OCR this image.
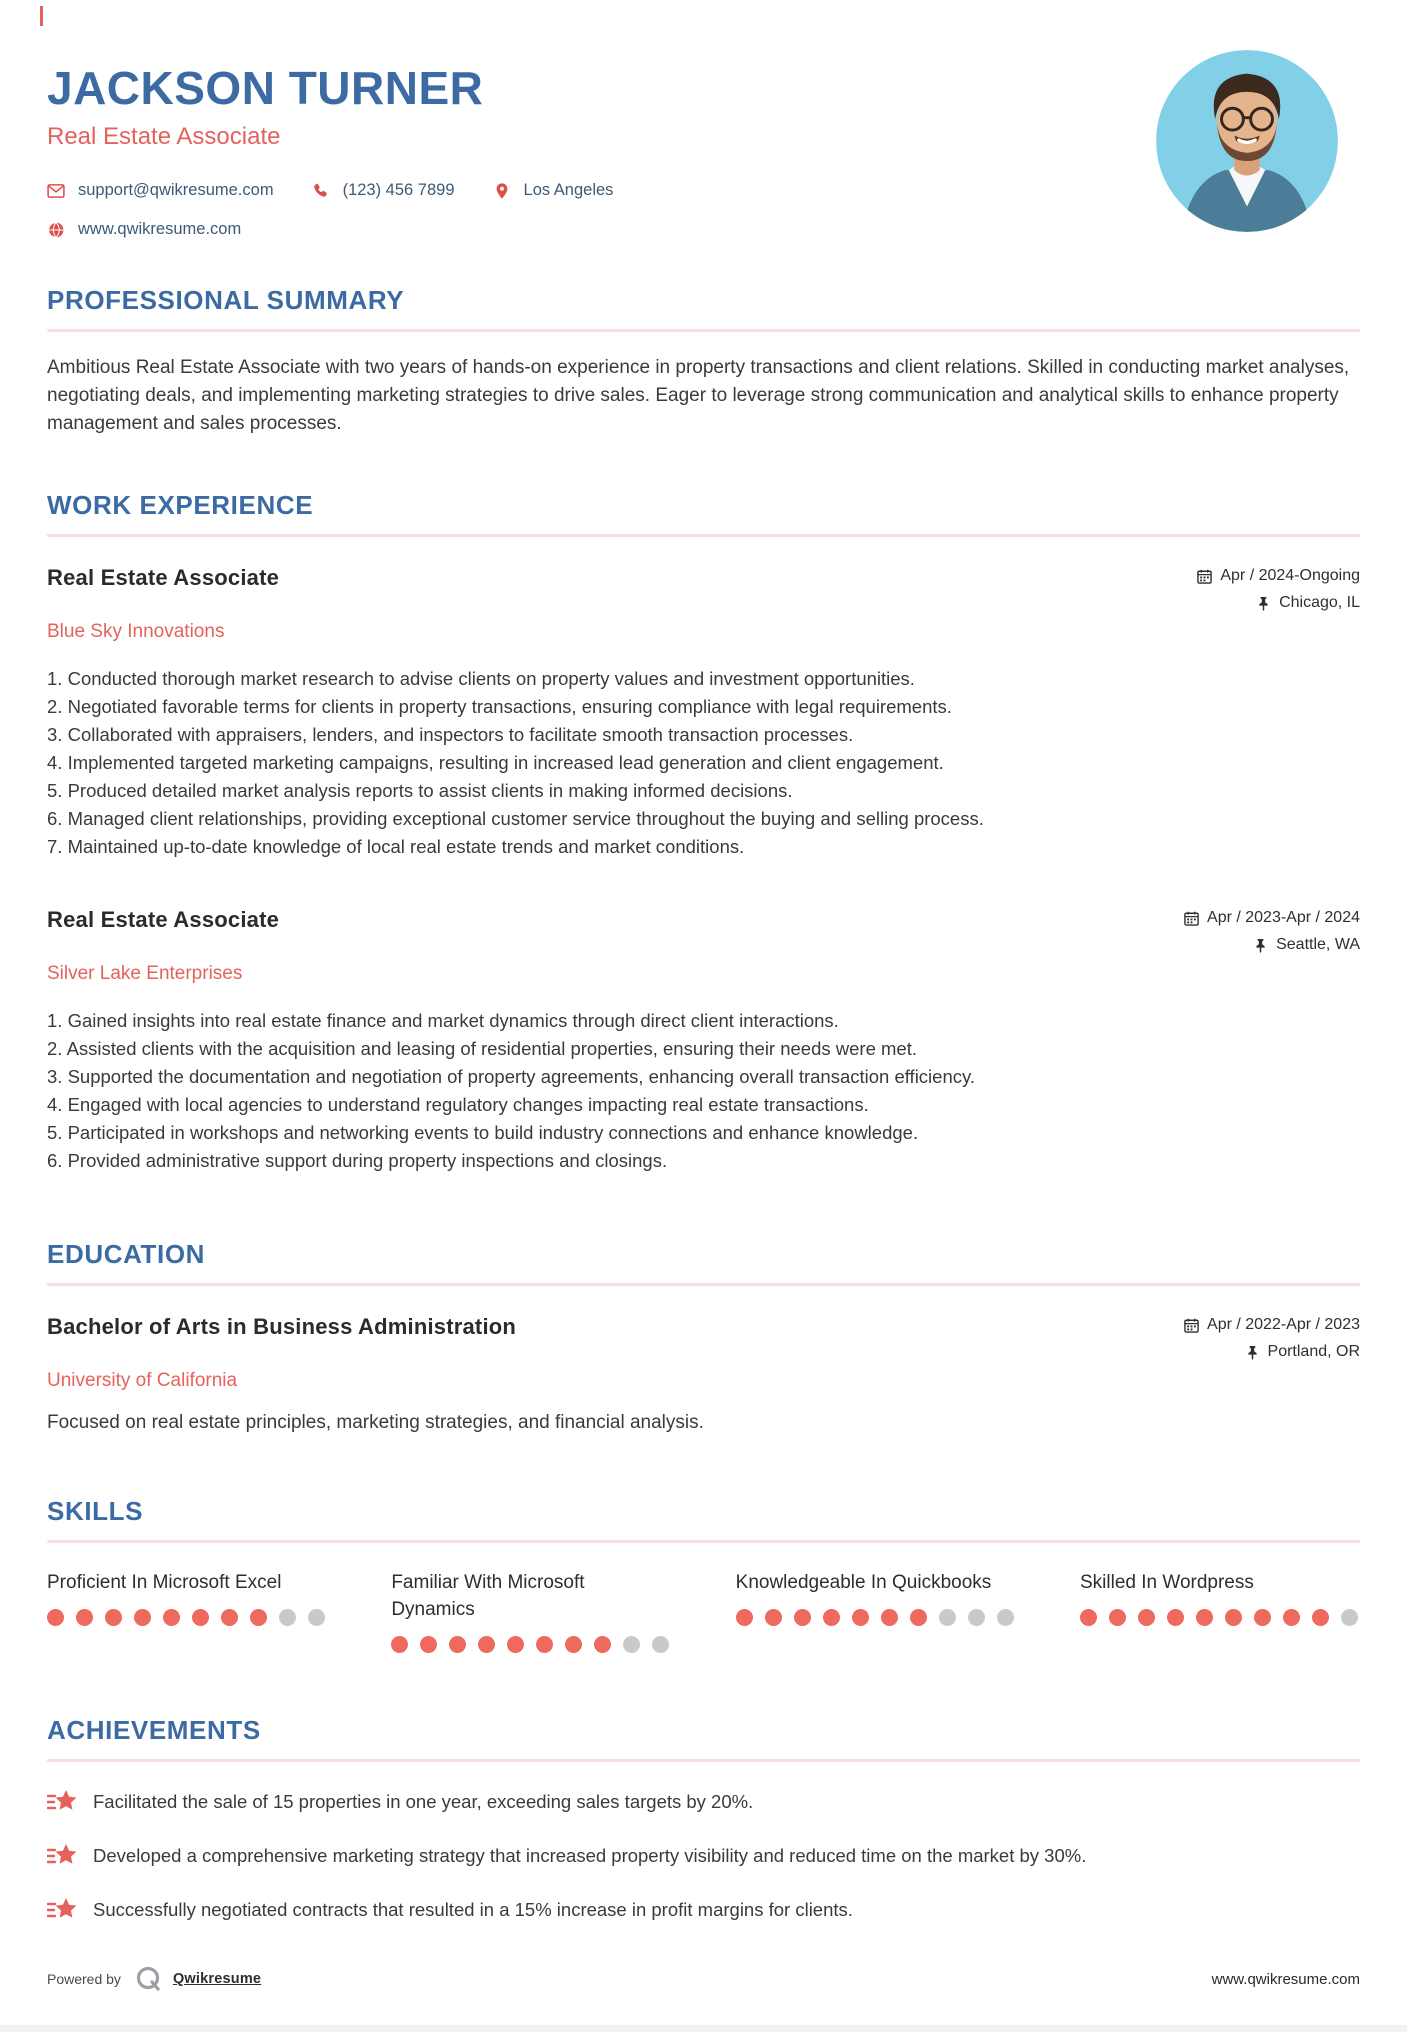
JACKSON TURNER
Real Estate Associate
support@qwikresume.com	(123) 456 7899	Los Angeles
www.qwikresume.com
PROFESSIONAL SUMMARY

Ambitious Real Estate Associate with two years of hands-on experience in property transactions and client relations. Skilled in conducting market analyses, negotiating deals, and implementing marketing strategies to drive sales. Eager to leverage strong communication and analytical skills to enhance property management and sales processes.

WORK EXPERIENCE
Real Estate Associate	Apr / 2024-Ongoing
Chicago, IL
Blue Sky Innovations
Conducted thorough market research to advise clients on property values and investment opportunities.
Negotiated favorable terms for clients in property transactions, ensuring compliance with legal requirements.
Collaborated with appraisers, lenders, and inspectors to facilitate smooth transaction processes.
Implemented targeted marketing campaigns, resulting in increased lead generation and client engagement.
Produced detailed market analysis reports to assist clients in making informed decisions.
Managed client relationships, providing exceptional customer service throughout the buying and selling process.
Maintained up-to-date knowledge of local real estate trends and market conditions.
Real Estate Associate	Apr / 2023-Apr / 2024
Seattle, WA
Silver Lake Enterprises
Gained insights into real estate finance and market dynamics through direct client interactions.
Assisted clients with the acquisition and leasing of residential properties, ensuring their needs were met.
Supported the documentation and negotiation of property agreements, enhancing overall transaction efficiency.
Engaged with local agencies to understand regulatory changes impacting real estate transactions.
Participated in workshops and networking events to build industry connections and enhance knowledge.
Provided administrative support during property inspections and closings.
EDUCATION
Bachelor of Arts in Business Administration	Apr / 2022-Apr / 2023
Portland, OR
University of California

Focused on real estate principles, marketing strategies, and financial analysis.

SKILLS
Proficient In Microsoft Excel	Familiar With Microsoft Dynamics
Knowledgeable In Quickbooks	Skilled In Wordpress
ACHIEVEMENTS

Facilitated the sale of 15 properties in one year, exceeding sales targets by 20%.

Developed a comprehensive marketing strategy that increased property visibility and reduced time on the market by 30%.

Successfully negotiated contracts that resulted in a 15% increase in profit margins for clients.

Powered by	Qwikresume	www.qwikresume.com
